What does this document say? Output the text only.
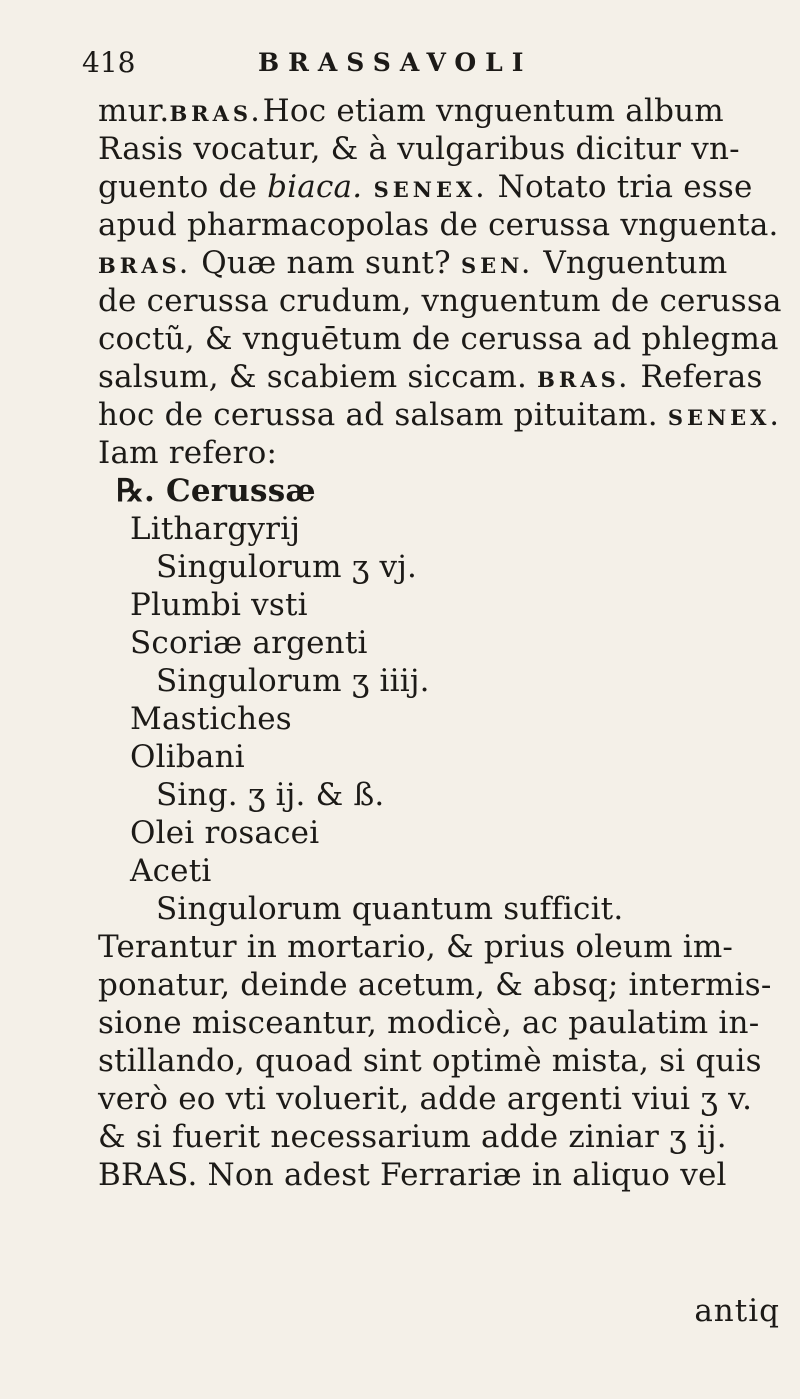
418	BRASSAVOLI
mur.BRAS.Hoc etiam vnguentum album
Rasis vocatur, & à vulgaribus dicitur vn-
guento de biaca. SENEX. Notato tria esse
apud pharmacopolas de cerussa vnguenta.
BRAS. Quæ nam sunt? SEN. Vnguentum
de cerussa crudum, vnguentum de cerussa
coctũ, & vnguētum de cerussa ad phlegma
salsum, & scabiem siccam. BRAS. Referas
hoc de cerussa ad salsam pituitam. SENEX.
Iam refero:
℞. Cerussæ
Lithargyrij
Singulorum ʒ vj.
Plumbi vsti
Scoriæ argenti
Singulorum ʒ iiij.
Mastiches
Olibani
Sing. ʒ ij. & ß.
Olei rosacei
Aceti
Singulorum quantum sufficit.
Terantur in mortario, & prius oleum im-
ponatur, deinde acetum, & absq; intermis-
sione misceantur, modicè, ac paulatim in-
stillando, quoad sint optimè mista, si quis
verò eo vti voluerit, adde argenti viui ʒ v.
& si fuerit necessarium adde ziniar ʒ ij.
BRAS. Non adest Ferrariæ in aliquo vel
antiq
